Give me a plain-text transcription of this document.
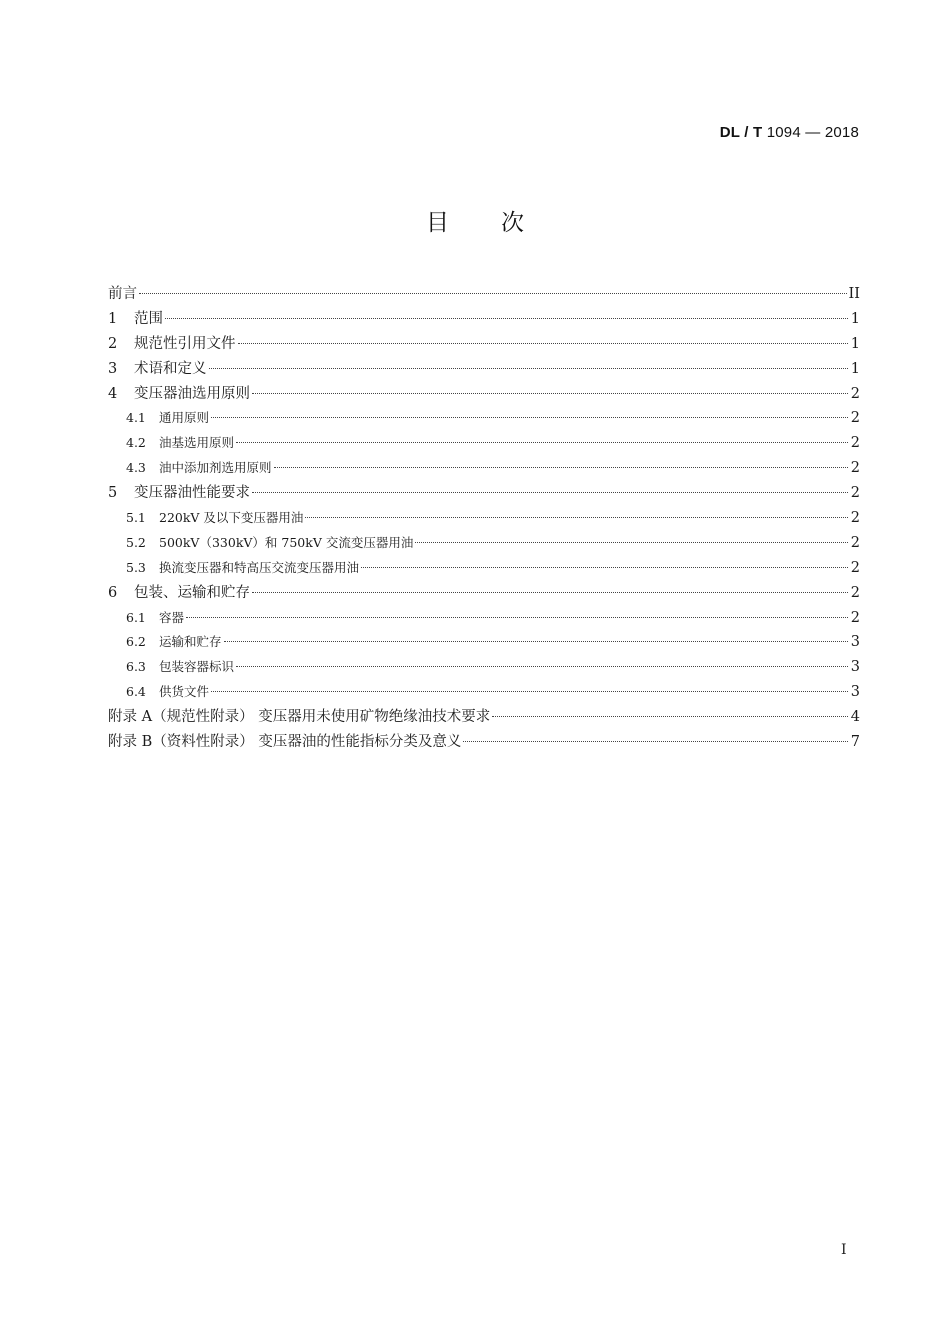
DL / T 1094 — 2018
目次
前言	II
1	范围	1
2	规范性引用文件	1
3	术语和定义	1
4	变压器油选用原则	2
4.1	通用原则	2
4.2	油基选用原则	2
4.3	油中添加剂选用原则	2
5	变压器油性能要求	2
5.1	220kV 及以下变压器用油	2
5.2	500kV（330kV）和 750kV 交流变压器用油	2
5.3	换流变压器和特高压交流变压器用油	2
6	包装、运输和贮存	2
6.1	容器	2
6.2	运输和贮存	3
6.3	包装容器标识	3
6.4	供货文件	3
附录 A（规范性附录） 变压器用未使用矿物绝缘油技术要求	4
附录 B（资料性附录） 变压器油的性能指标分类及意义	7
I
